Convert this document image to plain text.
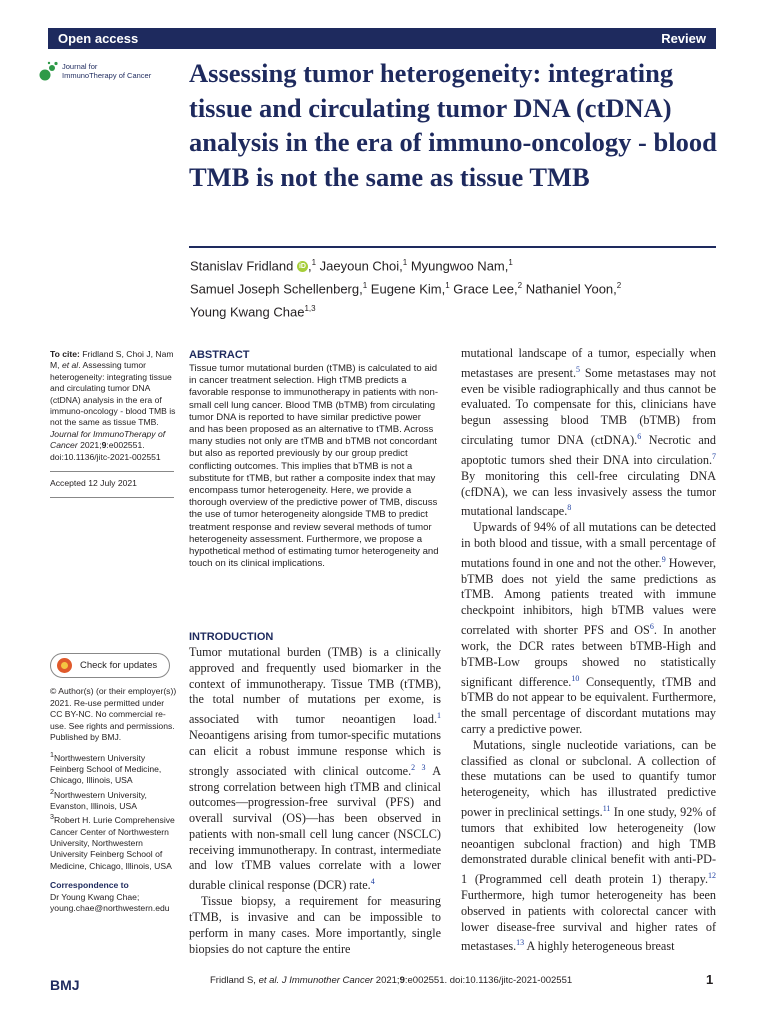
Open access	Review
Journal for
ImmunoTherapy of Cancer Assessing tumor heterogeneity: integrating tissue and circulating tumor DNA (ctDNA) analysis in the era of immuno-oncology - blood TMB is not the same as tissue TMB
Stanislav Fridland iD ,$^1$ Jaeyoun Choi,$^1$ Myungwoo Nam,$^1$
Samuel Joseph Schellenberg,$^1$ Eugene Kim,$^1$ Grace Lee,$^2$ Nathaniel Yoon,$^2$
Young Kwang Chae$^{1,3}$
To cite: Fridland S, Choi J, Nam M, et al. Assessing tumor heterogeneity: integrating tissue and circulating tumor DNA (ctDNA) analysis in the era of immuno-oncology - blood TMB is not the same as tissue TMB. Journal for ImmunoTherapy of Cancer 2021;9:e002551. doi:10.1136/jitc-2021-002551
Accepted 12 July 2021
Check for updates
© Author(s) (or their employer(s)) 2021. Re-use permitted under CC BY-NC. No commercial re-use. See rights and permissions. Published by BMJ.
$^1$Northwestern University Feinberg School of Medicine, Chicago, Illinois, USA
$^2$Northwestern University, Evanston, Illinois, USA
$^3$Robert H. Lurie Comprehensive Cancer Center of Northwestern University, Northwestern University Feinberg School of Medicine, Chicago, Illinois, USA
Correspondence to
Dr Young Kwang Chae;
young.chae@northwestern.edu
ABSTRACT

Tissue tumor mutational burden (tTMB) is calculated to aid in cancer treatment selection. High tTMB predicts a favorable response to immunotherapy in patients with non-small cell lung cancer. Blood TMB (bTMB) from circulating tumor DNA is reported to have similar predictive power and has been proposed as an alternative to tTMB. Across many studies not only are tTMB and bTMB not concordant but also as reported previously by our group predict conflicting outcomes. This implies that bTMB is not a substitute for tTMB, but rather a composite index that may encompass tumor heterogeneity. Here, we provide a thorough overview of the predictive power of TMB, discuss the use of tumor heterogeneity alongside TMB to predict treatment response and review several methods of tumor heterogeneity assessment. Furthermore, we propose a hypothetical method of estimating tumor heterogeneity and touch on its clinical implications.

INTRODUCTION

Tumor mutational burden (TMB) is a clinically approved and frequently used biomarker in the context of immunotherapy. Tissue TMB (tTMB), the total number of mutations per exome, is associated with tumor neoantigen load.$^1$ Neoantigens arising from tumor-specific mutations can elicit a robust immune response which is strongly associated with clinical outcome.$^{2 3}$ A strong correlation between high tTMB and clinical outcomes—progression-free survival (PFS) and overall survival (OS)—has been observed in patients with non-small cell lung cancer (NSCLC) receiving immunotherapy. In contrast, intermediate and low tTMB values correlate with a lower durable clinical response (DCR) rate.$^4$

Tissue biopsy, a requirement for measuring tTMB, is invasive and can be impossible to perform in many cases. More importantly, single biopsies do not capture the entire

mutational landscape of a tumor, especially when metastases are present.$^5$ Some metastases may not even be visible radiographically and thus cannot be evaluated. To compensate for this, clinicians have begun assessing blood TMB (bTMB) from circulating tumor DNA (ctDNA).$^6$ Necrotic and apoptotic tumors shed their DNA into circulation.$^7$ By monitoring this cell-free circulating DNA (cfDNA), we can less invasively assess the tumor mutational landscape.$^8$

Upwards of 94% of all mutations can be detected in both blood and tissue, with a small percentage of mutations found in one and not the other.$^9$ However, bTMB does not yield the same predictions as tTMB. Among patients treated with immune checkpoint inhibitors, high bTMB values were correlated with shorter PFS and $OS^6$. In another work, the DCR rates between bTMB-High and bTMB-Low groups showed no statistically significant difference.$^{10}$ Consequently, tTMB and bTMB do not appear to be equivalent. Furthermore, the small percentage of discordant mutations may carry a predictive power.

Mutations, single nucleotide variations, can be classified as clonal or subclonal. A collection of these mutations can be used to quantify tumor heterogeneity, which has illustrated predictive power in preclinical settings.$^{11}$ In one study, 92% of tumors that exhibited low heterogeneity (low neoantigen subclonal fraction) and high TMB demonstrated durable clinical benefit with anti-PD-1 (Programmed cell death protein 1) therapy.$^{12}$ Furthermore, high tumor heterogeneity has been observed in patients with colorectal cancer with lower disease-free survival and higher rates of metastases.$^{13}$ A highly heterogeneous breast

BMJ	Fridland S, et al. J Immunother Cancer 2021;9:e002551. doi:10.1136/jitc-2021-002551	1
